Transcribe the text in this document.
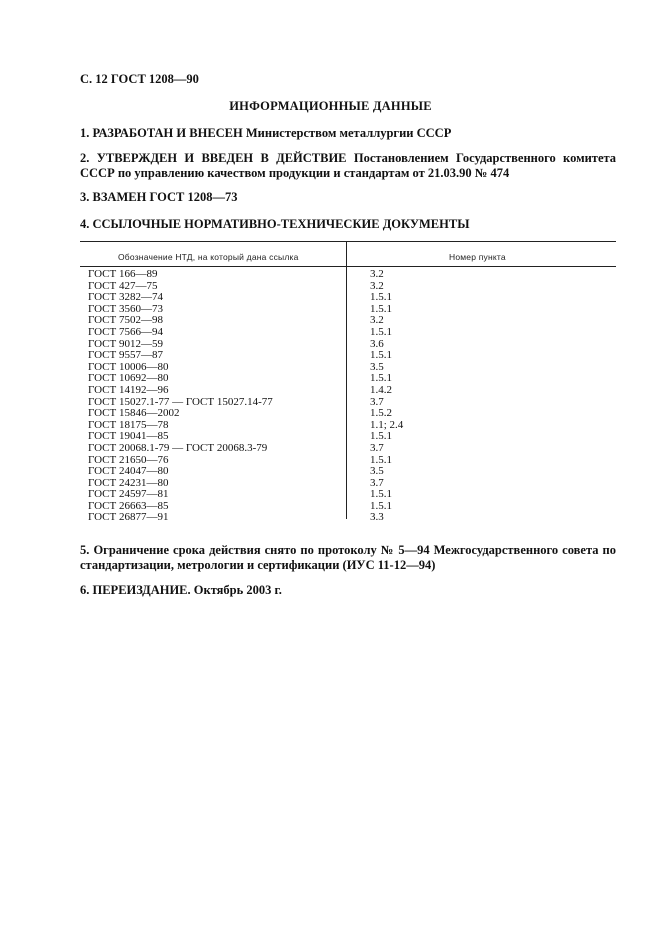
С. 12 ГОСТ 1208—90
ИНФОРМАЦИОННЫЕ ДАННЫЕ
1. РАЗРАБОТАН И ВНЕСЕН Министерством металлургии СССР
2. УТВЕРЖДЕН И ВВЕДЕН В ДЕЙСТВИЕ Постановлением Государственного комитета СССР по управлению качеством продукции и стандартам от 21.03.90 № 474
3. ВЗАМЕН ГОСТ 1208—73
4. ССЫЛОЧНЫЕ НОРМАТИВНО-ТЕХНИЧЕСКИЕ ДОКУМЕНТЫ
Обозначение НТД, на который дана ссылка	Номер пункта
ГОСТ 166—89	3.2
ГОСТ 427—75	3.2
ГОСТ 3282—74	1.5.1
ГОСТ 3560—73	1.5.1
ГОСТ 7502—98	3.2
ГОСТ 7566—94	1.5.1
ГОСТ 9012—59	3.6
ГОСТ 9557—87	1.5.1
ГОСТ 10006—80	3.5
ГОСТ 10692—80	1.5.1
ГОСТ 14192—96	1.4.2
ГОСТ 15027.1-77 — ГОСТ 15027.14-77	3.7
ГОСТ 15846—2002	1.5.2
ГОСТ 18175—78	1.1; 2.4
ГОСТ 19041—85	1.5.1
ГОСТ 20068.1-79 — ГОСТ 20068.3-79	3.7
ГОСТ 21650—76	1.5.1
ГОСТ 24047—80	3.5
ГОСТ 24231—80	3.7
ГОСТ 24597—81	1.5.1
ГОСТ 26663—85	1.5.1
ГОСТ 26877—91	3.3
5. Ограничение срока действия снято по протоколу № 5—94 Межгосударственного совета по стандартизации, метрологии и сертификации (ИУС 11-12—94)
6. ПЕРЕИЗДАНИЕ. Октябрь 2003 г.
